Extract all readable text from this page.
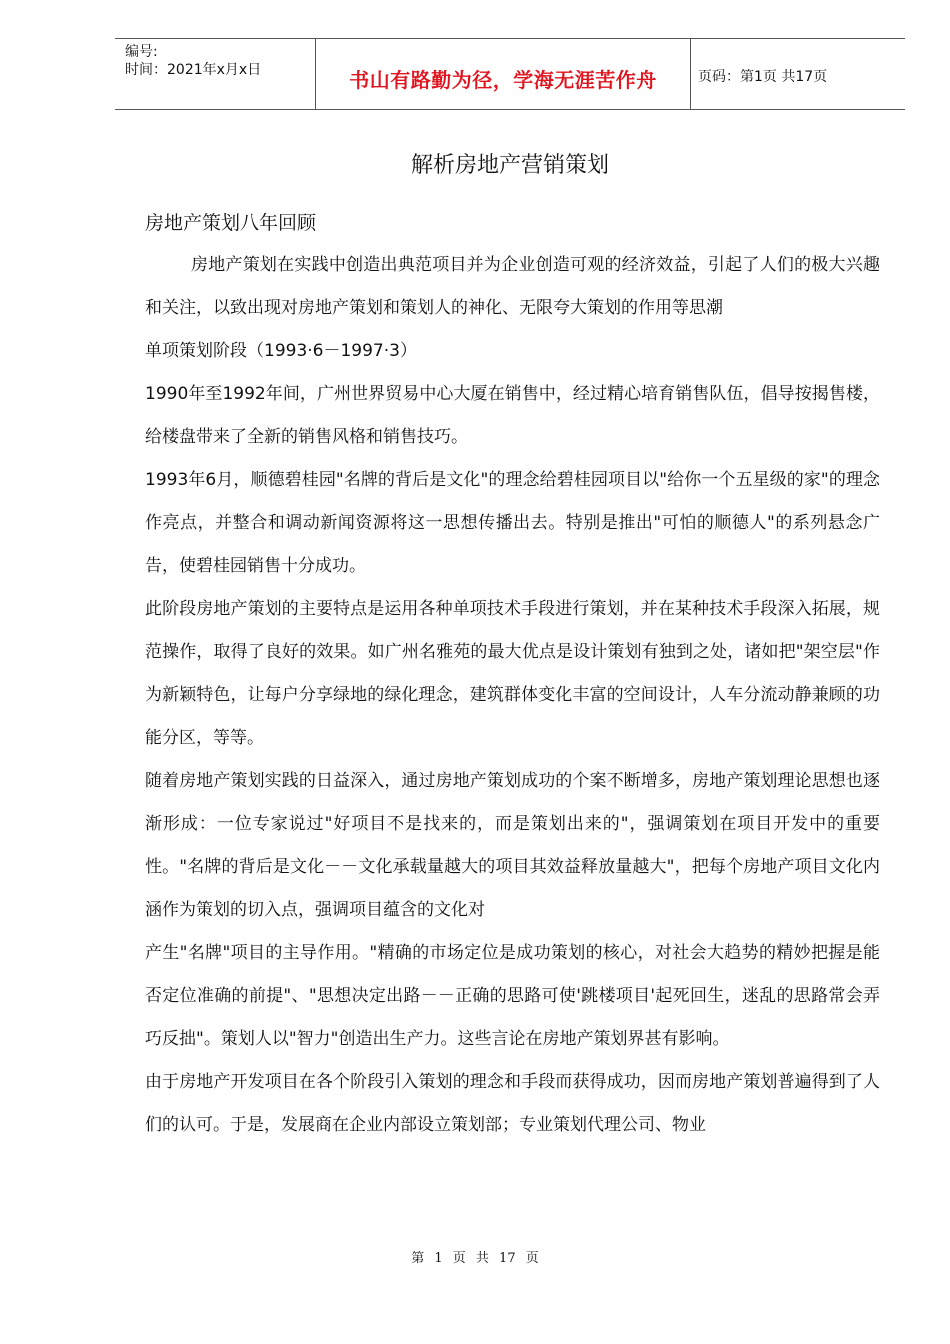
编号:
时间：2021年x月x日	书山有路勤为径，学海无涯苦作舟	页码：第1页 共17页
解析房地产营销策划
房地产策划八年回顾

房地产策划在实践中创造出典范项目并为企业创造可观的经济效益，引起了人们的极大兴趣和关注，以致出现对房地产策划和策划人的神化、无限夸大策划的作用等思潮

单项策划阶段（1993·6－1997·3）

1990年至1992年间，广州世界贸易中心大厦在销售中，经过精心培育销售队伍，倡导按揭售楼，给楼盘带来了全新的销售风格和销售技巧。

1993年6月，顺德碧桂园"名牌的背后是文化"的理念给碧桂园项目以"给你一个五星级的家"的理念作亮点，并整合和调动新闻资源将这一思想传播出去。特别是推出"可怕的顺德人"的系列悬念广告，使碧桂园销售十分成功。

此阶段房地产策划的主要特点是运用各种单项技术手段进行策划，并在某种技术手段深入拓展，规范操作，取得了良好的效果。如广州名雅苑的最大优点是设计策划有独到之处，诸如把"架空层"作为新颖特色，让每户分享绿地的绿化理念，建筑群体变化丰富的空间设计，人车分流动静兼顾的功能分区，等等。

随着房地产策划实践的日益深入，通过房地产策划成功的个案不断增多，房地产策划理论思想也逐渐形成：一位专家说过"好项目不是找来的，而是策划出来的"，强调策划在项目开发中的重要性。"名牌的背后是文化－－文化承载量越大的项目其效益释放量越大"，把每个房地产项目文化内涵作为策划的切入点，强调项目蕴含的文化对

产生"名牌"项目的主导作用。"精确的市场定位是成功策划的核心，对社会大趋势的精妙把握是能否定位准确的前提"、"思想决定出路－－正确的思路可使'跳楼项目'起死回生，迷乱的思路常会弄巧反拙"。策划人以"智力"创造出生产力。这些言论在房地产策划界甚有影响。

由于房地产开发项目在各个阶段引入策划的理念和手段而获得成功，因而房地产策划普遍得到了人们的认可。于是，发展商在企业内部设立策划部；专业策划代理公司、物业

第 1 页 共 17 页
